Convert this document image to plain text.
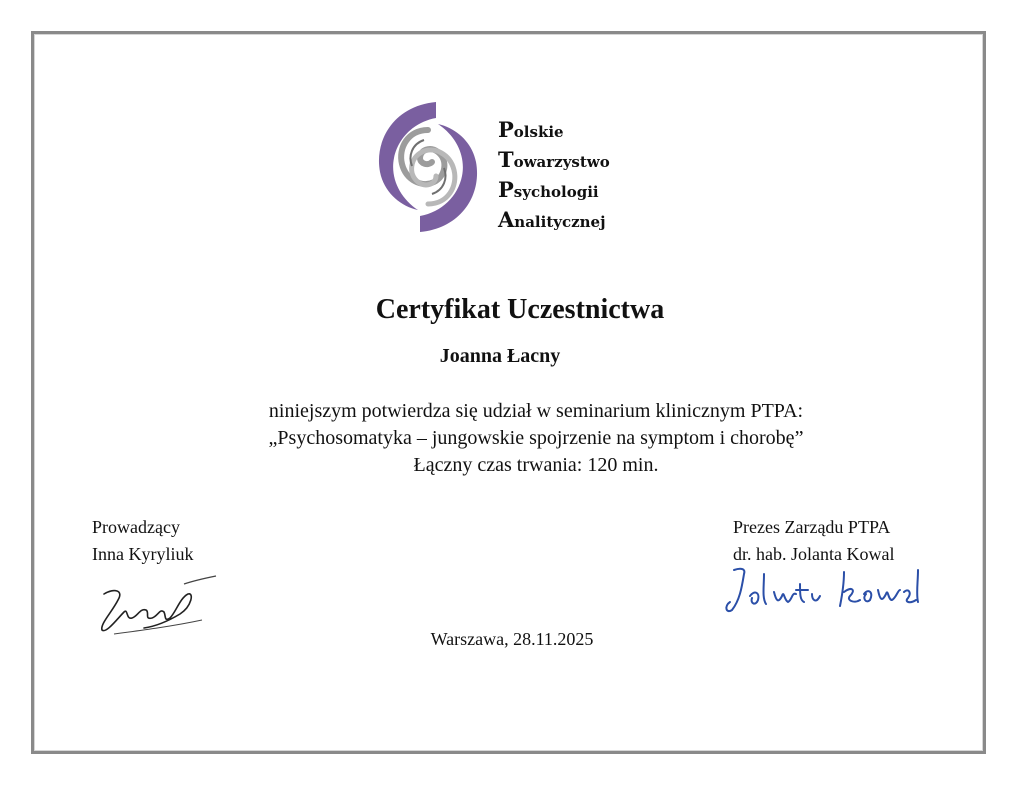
Polskie
Towarzystwo
Psychologii
Analitycznej
Certyfikat Uczestnictwa
Joanna Łacny
niniejszym potwierdza się udział w seminarium klinicznym PTPA:
„Psychosomatyka – jungowskie spojrzenie na symptom i chorobę”
Łączny czas trwania: 120 min.
Prowadzący
Inna Kyryliuk
Prezes Zarządu PTPA
dr. hab. Jolanta Kowal
Warszawa, 28.11.2025
